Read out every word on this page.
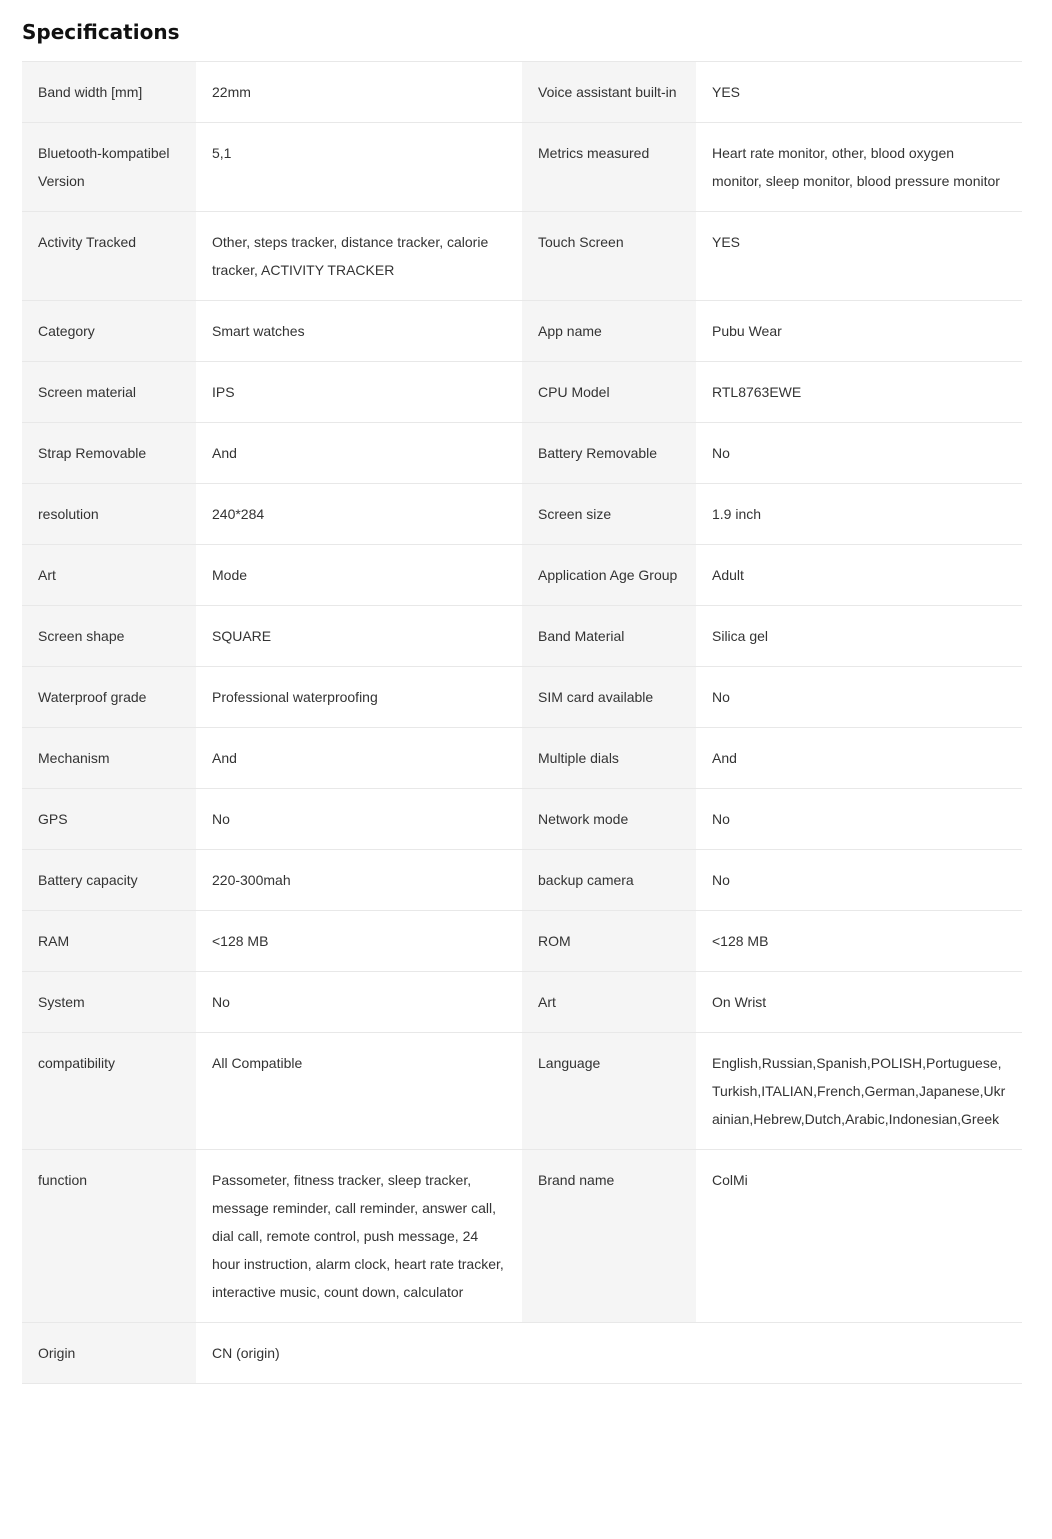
Specifications
Band width [mm]	22mm	Voice assistant built-in	YES
Bluetooth-kompatibel Version	5,1	Metrics measured	Heart rate monitor, other, blood oxygen monitor, sleep monitor, blood pressure monitor
Activity Tracked	Other, steps tracker, distance tracker, calorie tracker, ACTIVITY TRACKER	Touch Screen	YES
Category	Smart watches	App name	Pubu Wear
Screen material	IPS	CPU Model	RTL8763EWE
Strap Removable	And	Battery Removable	No
resolution	240*284	Screen size	1.9 inch
Art	Mode	Application Age Group	Adult
Screen shape	SQUARE	Band Material	Silica gel
Waterproof grade	Professional waterproofing	SIM card available	No
Mechanism	And	Multiple dials	And
GPS	No	Network mode	No
Battery capacity	220-300mah	backup camera	No
RAM	<128 MB	ROM	<128 MB
System	No	Art	On Wrist
compatibility	All Compatible	Language	English,Russian,Spanish,POLISH,Portuguese,Turkish,ITALIAN,French,German,Japanese,Ukrainian,Hebrew,Dutch,Arabic,Indonesian,Greek
function	Passometer, fitness tracker, sleep tracker, message reminder, call reminder, answer call, dial call, remote control, push message, 24 hour instruction, alarm clock, heart rate tracker, interactive music, count down, calculator	Brand name	ColMi
Origin	CN (origin)		
